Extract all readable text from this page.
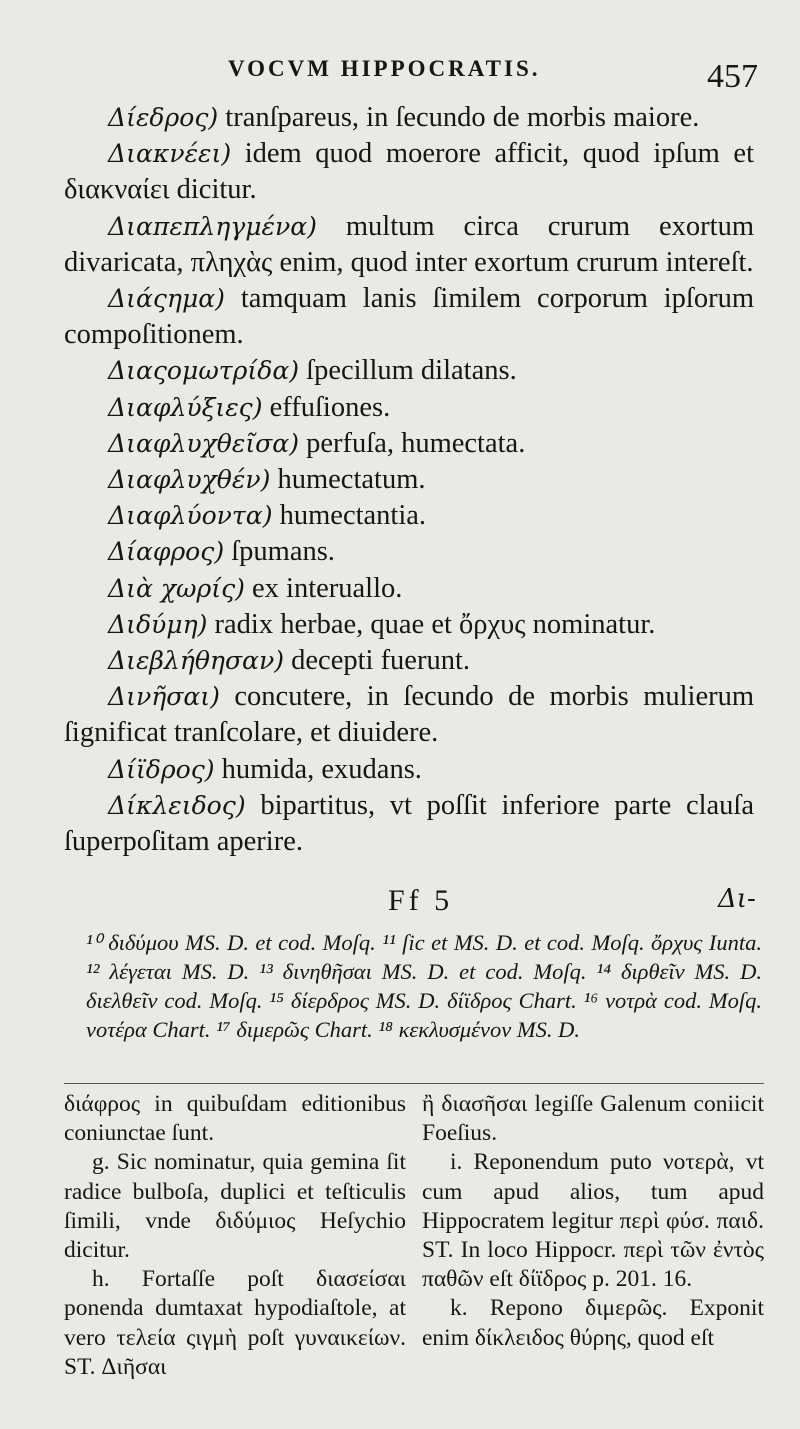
VOCVM HIPPOCRATIS.	457

Δίεδρος) tranſpareus, in ſecundo de morbis maiore.

Διακνέει) idem quod moerore afficit, quod ipſum et διακναίει dicitur.

Διαπεπληγμένα) multum circa crurum exortum divaricata, πληχὰς enim, quod inter exortum crurum intereſt.

Διάςημα) tamquam lanis ſimilem corporum ipſorum compoſitionem.

Διαςομωτρίδα) ſpecillum dilatans.

Διαφλύξιες) effuſiones.

Διαφλυχθεῖσα) perfuſa, humectata.

Διαφλυχθέν) humectatum.

Διαφλύοντα) humectantia.

Δίαφρος) ſpumans.

Διὰ χωρίς) ex interuallo.

Διδύμη) radix herbae, quae et ὄρχυς nominatur.

Διεβλήθησαν) decepti fuerunt.

Δινῆσαι) concutere, in ſecundo de morbis mulierum ſignificat tranſcolare, et diuidere.

Δίϊδρος) humida, exudans.

Δίκλειδος) bipartitus, vt poſſit inferiore parte clauſa ſuperpoſitam aperire.

Ff 5	Δι-

¹⁰ διδύμου MS. D. et cod. Moſq. ¹¹ ſic et MS. D. et cod. Moſq. ὄρχυς Iunta. ¹² λέγεται MS. D. ¹³ δινηθῆσαι MS. D. et cod. Moſq. ¹⁴ διρθεῖν MS. D. διελθεῖν cod. Moſq. ¹⁵ δίερδρος MS. D. δίϊδρος Chart. ¹⁶ νοτρὰ cod. Moſq. νοτέρα Chart. ¹⁷ διμερῶς Chart. ¹⁸ κεκλυσμένον MS. D.

διάφρος in quibuſdam editionibus coniunctae ſunt.

g. Sic nominatur, quia gemina ſit radice bulboſa, duplici et teſticulis ſimili, vnde διδύμιος Heſychio dicitur.

h. Fortaſſe poſt διασείσαι ponenda dumtaxat hypodiaſtole, at vero τελεία ςιγμὴ poſt γυναικείων. ST. Διῆσαι

ἢ διασῆσαι legiſſe Galenum coniicit Foeſius.

i. Reponendum puto νοτερὰ, vt cum apud alios, tum apud Hippocratem legitur περὶ φύσ. παιδ. ST. In loco Hippocr. περὶ τῶν ἐντὸς παθῶν eſt δίϊδρος p. 201. 16.

k. Repono διμερῶς. Exponit enim δίκλειδος θύρης, quod eſt
